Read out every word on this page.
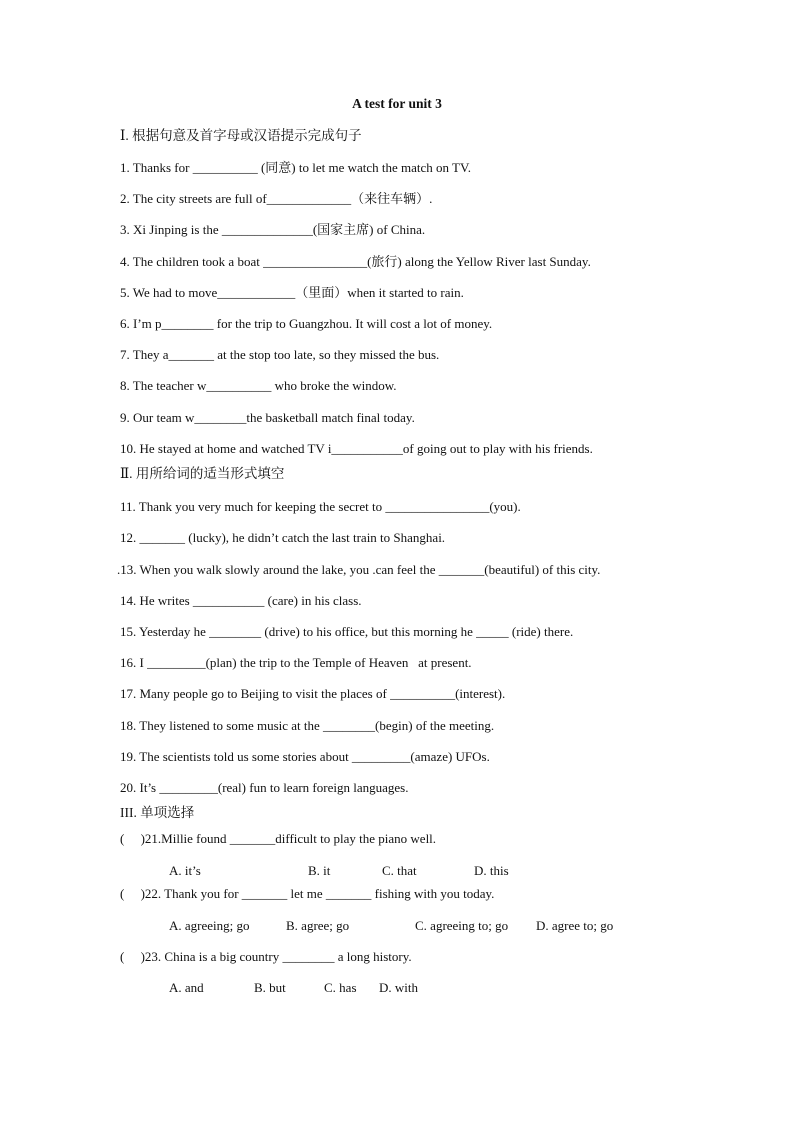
A test for unit 3
Ⅰ. 根据句意及首字母或汉语提示完成句子
1. Thanks for __________ (同意) to let me watch the match on TV.
2. The city streets are full of_____________（来往车辆）.
3. Xi Jinping is the ______________(国家主席) of China.
4. The children took a boat ________________(旅行) along the Yellow River last Sunday.
5. We had to move____________（里面）when it started to rain.
6. I’m p________ for the trip to Guangzhou. It will cost a lot of money.
7. They a_______ at the stop too late, so they missed the bus.
8. The teacher w__________ who broke the window.
9. Our team w________the basketball match final today.
10. He stayed at home and watched TV i___________of going out to play with his friends.
Ⅱ. 用所给词的适当形式填空
11. Thank you very much for keeping the secret to ________________(you).
12. _______ (lucky), he didn’t catch the last train to Shanghai.
.13. When you walk slowly around the lake, you .can feel the _______(beautiful) of this city.
14. He writes ___________ (care) in his class.
15. Yesterday he ________ (drive) to his office, but this morning he _____ (ride) there.
16. I _________(plan) the trip to the Temple of Heaven   at present.
17. Many people go to Beijing to visit the places of __________(interest).
18. They listened to some music at the ________(begin) of the meeting.
19. The scientists told us some stories about _________(amaze) UFOs.
20. It’s _________(real) fun to learn foreign languages.
III. 单项选择
(     )21.Millie found _______difficult to play the piano well.
A. it’s	B. it	C. that	D. this
(     )22. Thank you for _______ let me _______ fishing with you today.
A. agreeing; go	B. agree; go	C. agreeing to; go D. agree to; go
(     )23. China is a big country ________ a long history.
A. and	B. but	C. has D. with
